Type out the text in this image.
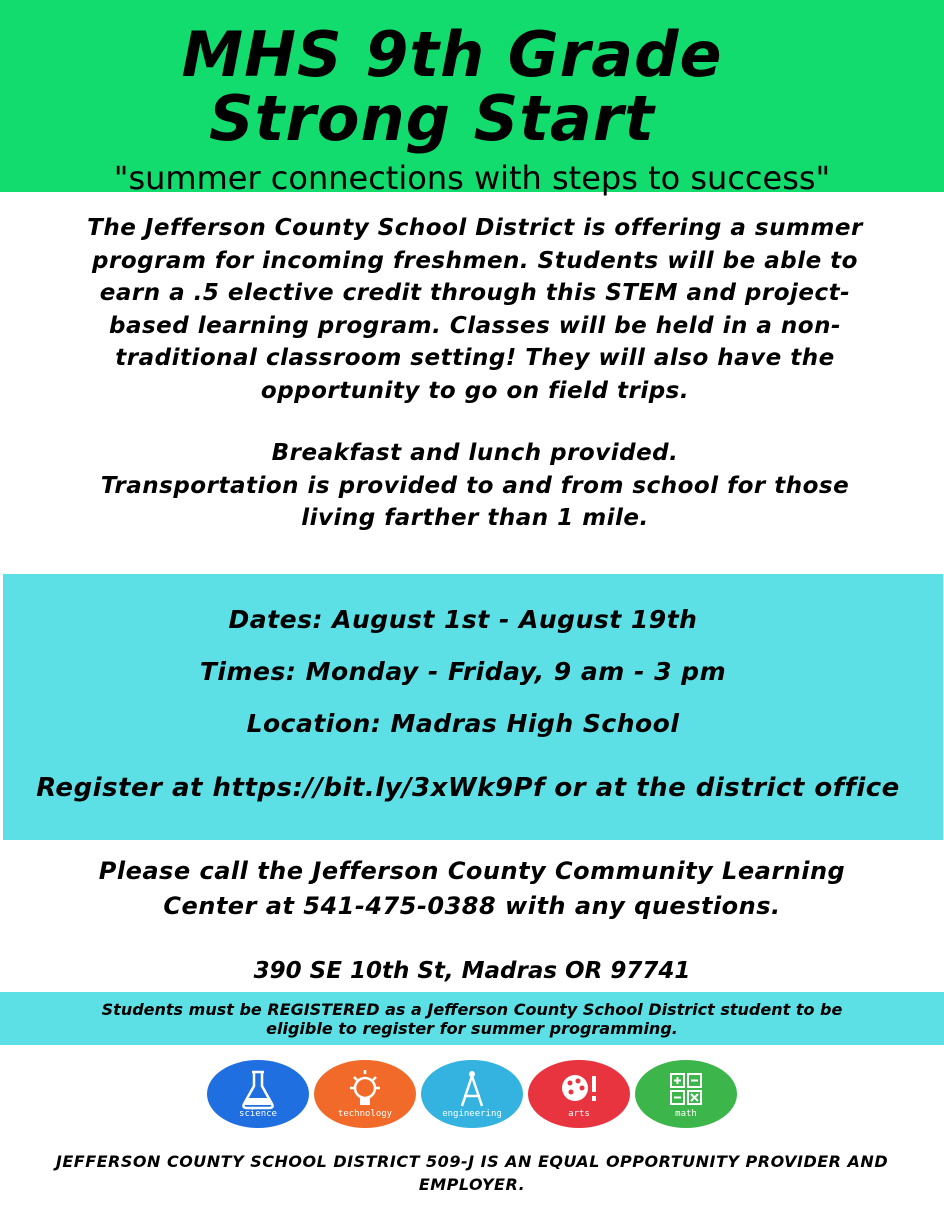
MHS 9th Grade
Strong Start
"summer connections with steps to success"

The Jefferson County School District is offering a summer

program for incoming freshmen. Students will be able to

earn a .5 elective credit through this STEM and project-

based learning program. Classes will be held in a non-

traditional classroom setting! They will also have the

opportunity to go on field trips.

Breakfast and lunch provided.

Transportation is provided to and from school for those

living farther than 1 mile.

Dates: August 1st - August 19th
Times: Monday - Friday, 9 am - 3 pm
Location: Madras High School
Register at https://bit.ly/3xWk9Pf or at the district office
Please call the Jefferson County Community Learning
Center at 541-475-0388 with any questions.
390 SE 10th St, Madras OR 97741
Students must be REGISTERED as a Jefferson County School District student to be
eligible to register for summer programming.
science	technology	engineering	arts	math
JEFFERSON COUNTY SCHOOL DISTRICT 509-J IS AN EQUAL OPPORTUNITY PROVIDER AND
EMPLOYER.
